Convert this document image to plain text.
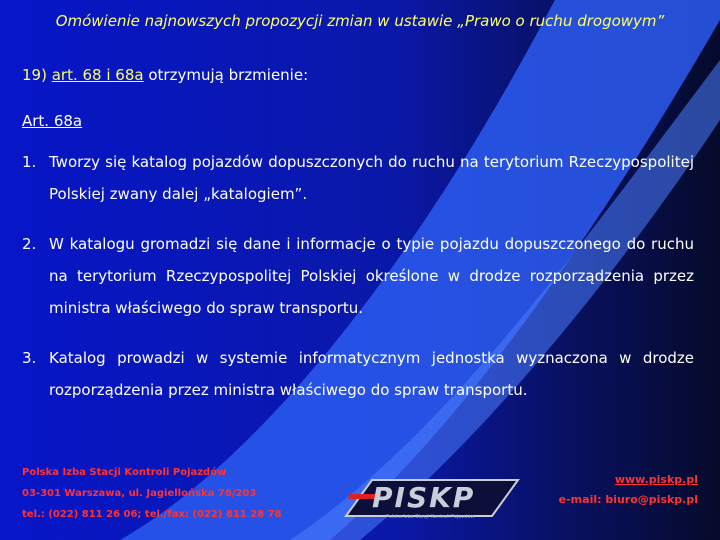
Omówienie najnowszych propozycji zmian w ustawie „Prawo o ruchu drogowym”
19) art. 68 i 68a otrzymują brzmienie:
Art. 68a
1. Tworzy się katalog pojazdów dopuszczonych do ruchu na terytorium Rzeczypospolitej Polskiej zwany dalej „katalogiem”.
2. W katalogu gromadzi się dane i informacje o typie pojazdu dopuszczonego do ruchu na terytorium Rzeczypospolitej Polskiej określone w drodze rozporządzenia przez ministra właściwego do spraw transportu.
3. Katalog prowadzi w systemie informatycznym jednostka wyznaczona w drodze rozporządzenia przez ministra właściwego do spraw transportu.
Polska Izba Stacji Kontroli Pojazdów
03-301 Warszawa, ul. Jagiellońska 76/203
tel.: (022) 811 26 06; tel./fax: (022) 811 28 78
PISKP
Polska Izba Stacji Kontroli Pojazdów
www.piskp.pl
e-mail: biuro@piskp.pl
